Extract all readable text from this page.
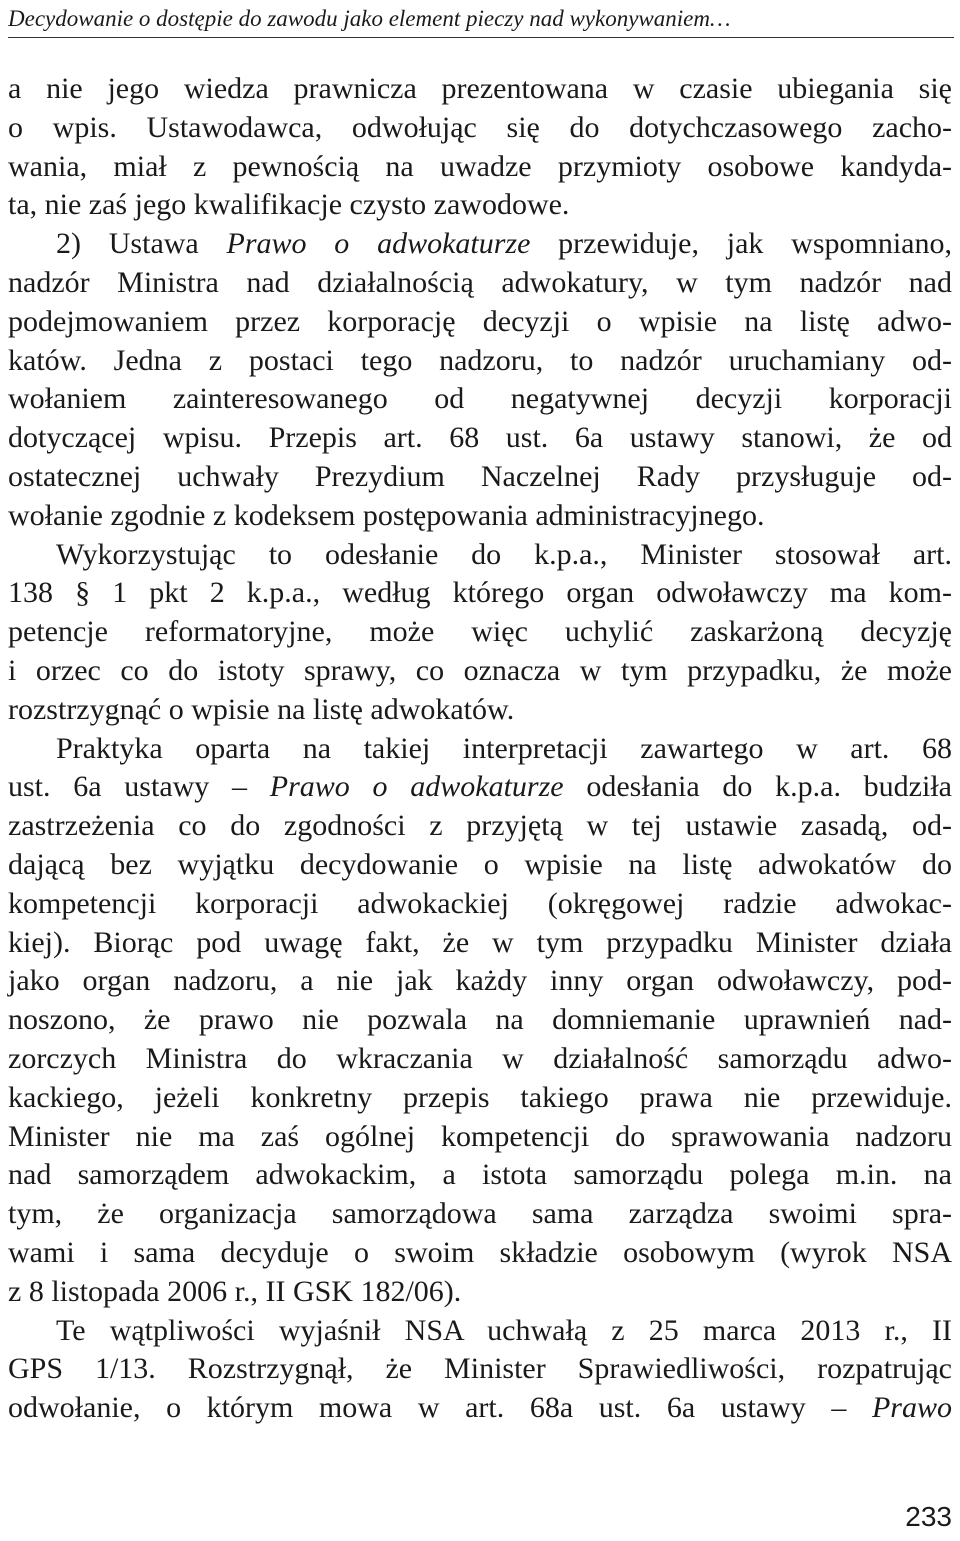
Decydowanie o dostępie do zawodu jako element pieczy nad wykonywaniem…
a nie jego wiedza prawnicza prezentowana w czasie ubiegania się
o wpis. Ustawodawca, odwołując się do dotychczasowego zacho-
wania, miał z pewnością na uwadze przymioty osobowe kandyda-
ta, nie zaś jego kwalifikacje czysto zawodowe.
2) Ustawa Prawo o adwokaturze przewiduje, jak wspomniano,
nadzór Ministra nad działalnością adwokatury, w tym nadzór nad
podejmowaniem przez korporację decyzji o wpisie na listę adwo-
katów. Jedna z postaci tego nadzoru, to nadzór uruchamiany od-
wołaniem zainteresowanego od negatywnej decyzji korporacji
dotyczącej wpisu. Przepis art. 68 ust. 6a ustawy stanowi, że od
ostatecznej uchwały Prezydium Naczelnej Rady przysługuje od-
wołanie zgodnie z kodeksem postępowania administracyjnego.
Wykorzystując to odesłanie do k.p.a., Minister stosował art.
138 § 1 pkt 2 k.p.a., według którego organ odwoławczy ma kom-
petencje reformatoryjne, może więc uchylić zaskarżoną decyzję
i orzec co do istoty sprawy, co oznacza w tym przypadku, że może
rozstrzygnąć o wpisie na listę adwokatów.
Praktyka oparta na takiej interpretacji zawartego w art. 68
ust. 6a ustawy – Prawo o adwokaturze odesłania do k.p.a. budziła
zastrzeżenia co do zgodności z przyjętą w tej ustawie zasadą, od-
dającą bez wyjątku decydowanie o wpisie na listę adwokatów do
kompetencji korporacji adwokackiej (okręgowej radzie adwokac-
kiej). Biorąc pod uwagę fakt, że w tym przypadku Minister działa
jako organ nadzoru, a nie jak każdy inny organ odwoławczy, pod-
noszono, że prawo nie pozwala na domniemanie uprawnień nad-
zorczych Ministra do wkraczania w działalność samorządu adwo-
kackiego, jeżeli konkretny przepis takiego prawa nie przewiduje.
Minister nie ma zaś ogólnej kompetencji do sprawowania nadzoru
nad samorządem adwokackim, a istota samorządu polega m.in. na
tym, że organizacja samorządowa sama zarządza swoimi spra-
wami i sama decyduje o swoim składzie osobowym (wyrok NSA
z 8 listopada 2006 r., II GSK 182/06).
Te wątpliwości wyjaśnił NSA uchwałą z 25 marca 2013 r., II
GPS 1/13. Rozstrzygnął, że Minister Sprawiedliwości, rozpatrując
odwołanie, o którym mowa w art. 68a ust. 6a ustawy – Prawo
233
